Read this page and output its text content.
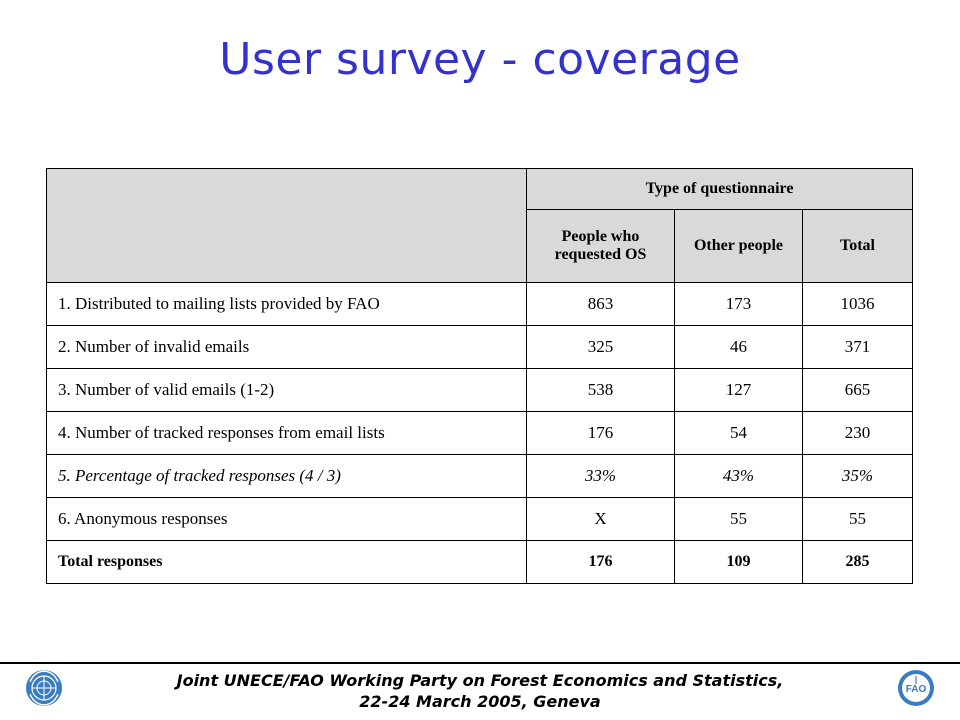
User survey - coverage
	Type of questionnaire		
	People who requested OS	Other people	Total
1. Distributed to mailing lists provided by FAO	863	173	1036
2. Number of invalid emails	325	46	371
3. Number of valid emails (1-2)	538	127	665
4. Number of tracked responses from email lists	176	54	230
5. Percentage of tracked responses (4 / 3)	33%	43%	35%
6. Anonymous responses	X	55	55
Total responses	176	109	285
Joint UNECE/FAO Working Party on Forest Economics and Statistics,
22-24 March 2005, Geneva
FAO
